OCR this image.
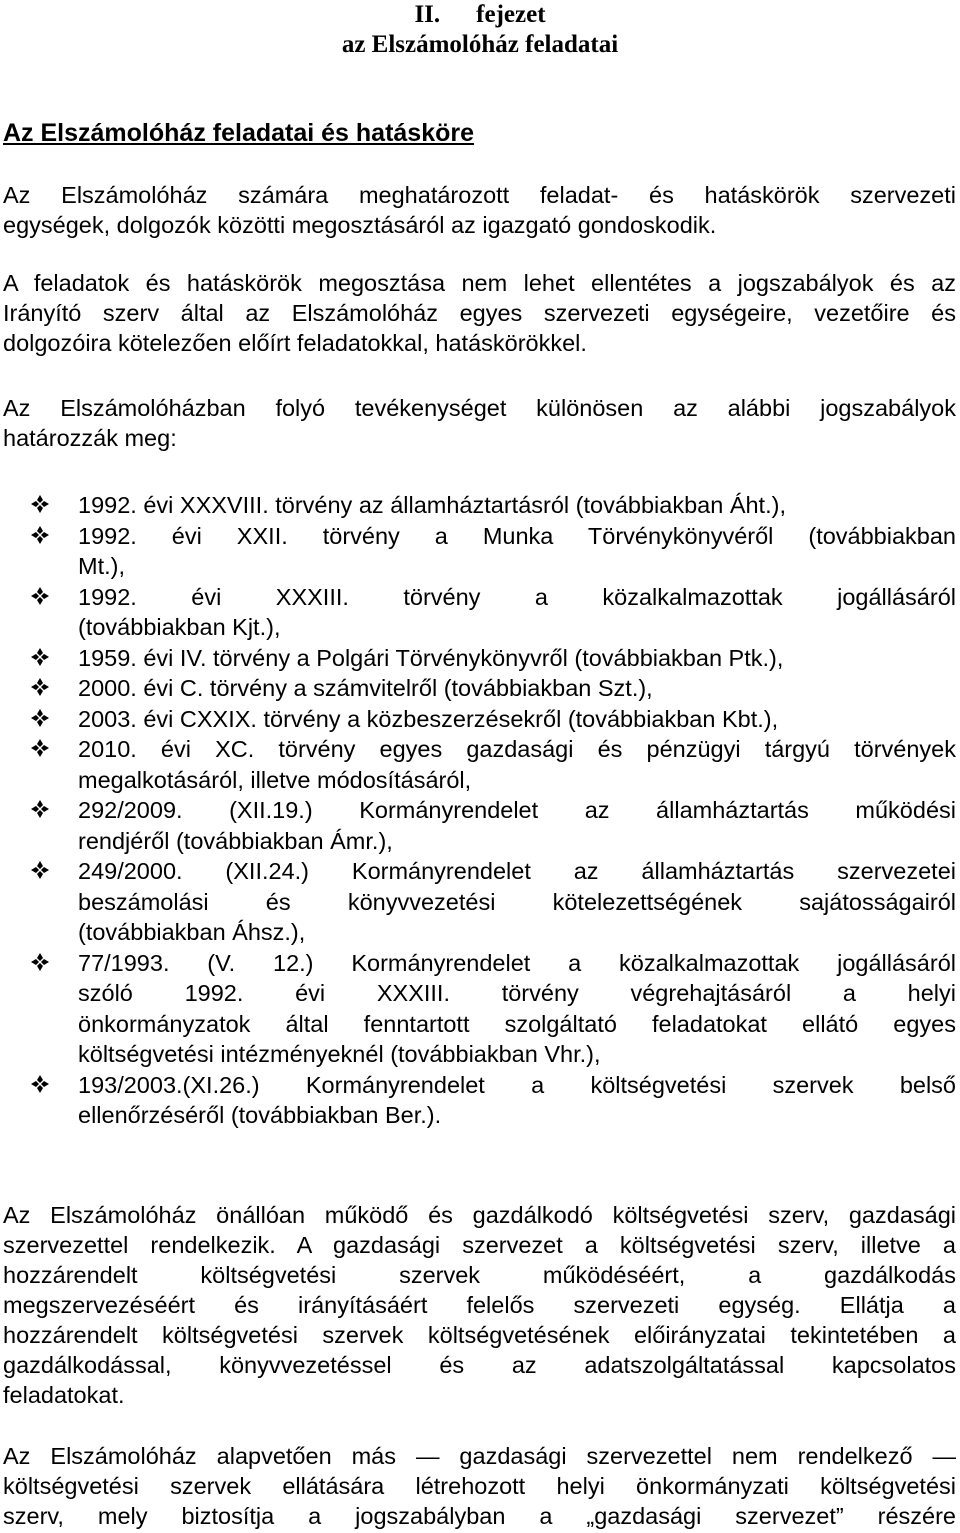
II. fejezet
az Elszámolóház feladatai
Az Elszámolóház feladatai és hatásköre
Az Elszámolóház számára meghatározott feladat- és hatáskörök szervezeti
egységek, dolgozók közötti megosztásáról az igazgató gondoskodik.
A feladatok és hatáskörök megosztása nem lehet ellentétes a jogszabályok és az
Irányító szerv által az Elszámolóház egyes szervezeti egységeire, vezetőire és
dolgozóira kötelezően előírt feladatokkal, hatáskörökkel.
Az Elszámolóházban folyó tevékenységet különösen az alábbi jogszabályok
határozzák meg:
1992. évi XXXVIII. törvény az államháztartásról (továbbiakban Áht.),
1992. évi XXII. törvény a Munka Törvénykönyvéről (továbbiakban
Mt.),
1992. évi XXXIII. törvény a közalkalmazottak jogállásáról
(továbbiakban Kjt.),
1959. évi IV. törvény a Polgári Törvénykönyvről (továbbiakban Ptk.),
2000. évi C. törvény a számvitelről (továbbiakban Szt.),
2003. évi CXXIX. törvény a közbeszerzésekről (továbbiakban Kbt.),
2010. évi XC. törvény egyes gazdasági és pénzügyi tárgyú törvények
megalkotásáról, illetve módosításáról,
292/2009. (XII.19.) Kormányrendelet az államháztartás működési
rendjéről (továbbiakban Ámr.),
249/2000. (XII.24.) Kormányrendelet az államháztartás szervezetei
beszámolási és könyvvezetési kötelezettségének sajátosságairól
(továbbiakban Áhsz.),
77/1993. (V. 12.) Kormányrendelet a közalkalmazottak jogállásáról
szóló 1992. évi XXXIII. törvény végrehajtásáról a helyi
önkormányzatok által fenntartott szolgáltató feladatokat ellátó egyes
költségvetési intézményeknél (továbbiakban Vhr.),
193/2003.(XI.26.) Kormányrendelet a költségvetési szervek belső
ellenőrzéséről (továbbiakban Ber.).
Az Elszámolóház önállóan működő és gazdálkodó költségvetési szerv, gazdasági
szervezettel rendelkezik. A gazdasági szervezet a költségvetési szerv, illetve a
hozzárendelt költségvetési szervek működéséért, a gazdálkodás
megszervezéséért és irányításáért felelős szervezeti egység. Ellátja a
hozzárendelt költségvetési szervek költségvetésének előirányzatai tekintetében a
gazdálkodással, könyvvezetéssel és az adatszolgáltatással kapcsolatos
feladatokat.
Az Elszámolóház alapvetően más — gazdasági szervezettel nem rendelkező —
költségvetési szervek ellátására létrehozott helyi önkormányzati költségvetési
szerv, mely biztosítja a jogszabályban a „gazdasági szervezet” részére
